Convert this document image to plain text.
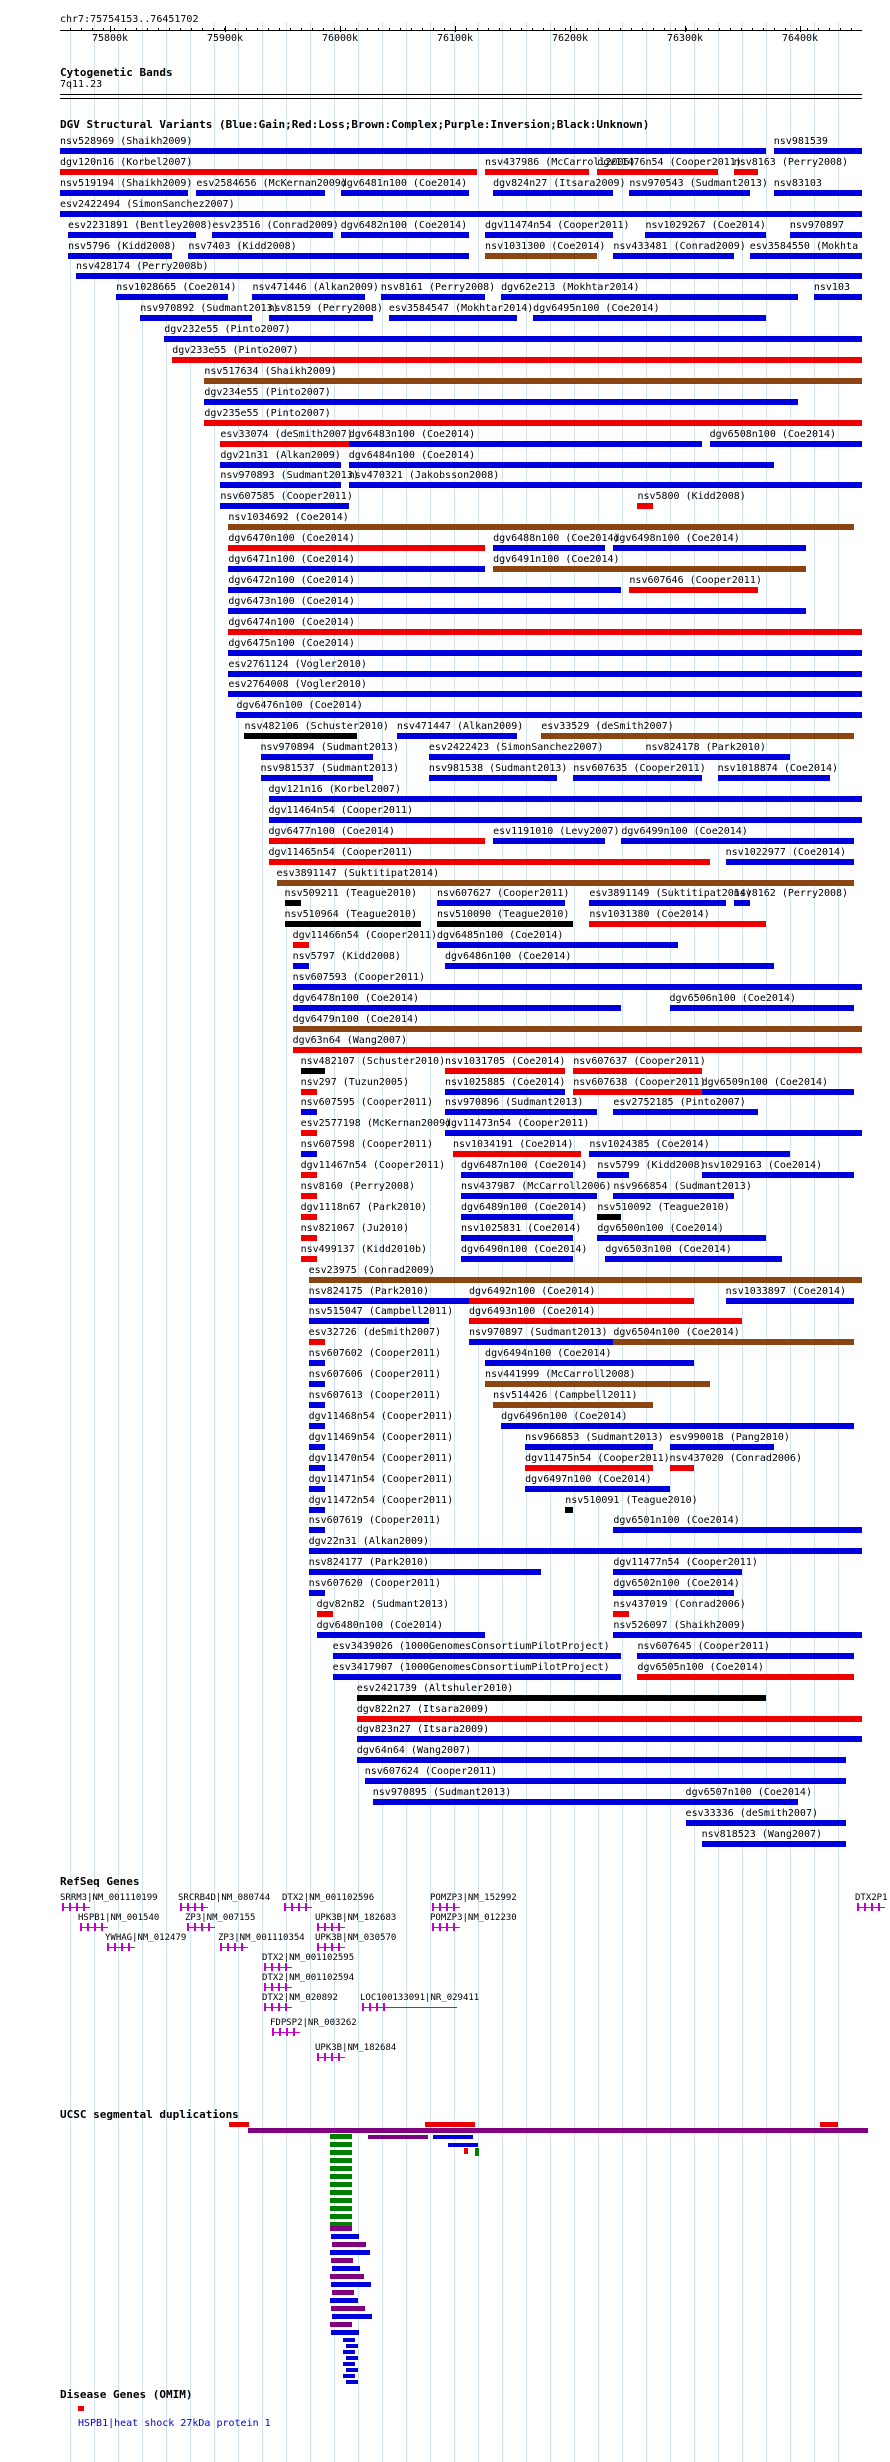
chr7:75754153..76451702
75800k	75900k	76000k	76100k	76200k	76300k	76400k
Cytogenetic Bands
7q11.23
DGV Structural Variants (Blue:Gain;Red:Loss;Brown:Complex;Purple:Inversion;Black:Unknown)
nsv528969 (Shaikh2009)	nsv981539
dgv120n16 (Korbel2007)	nsv437986 (McCarroll2006)
dgv11476n54 (Cooper2011)
nsv8163 (Perry2008)
nsv519194 (Shaikh2009) esv2584656 (McKernan2009)
dgv6481n100 (Coe2014)	dgv824n27 (Itsara2009) nsv970543 (Sudmant2013) nsv83103
esv2422494 (SimonSanchez2007)
esv2231891 (Bentley2008) esv23516 (Conrad2009) dgv6482n100 (Coe2014) dgv11474n54 (Cooper2011) nsv1029267 (Coe2014) nsv970897
nsv5796 (Kidd2008) nsv7403 (Kidd2008)	nsv1031300 (Coe2014) nsv433481 (Conrad2009) esv3584550 (Mokhta
nsv428174 (Perry2008b)
nsv1028665 (Coe2014) nsv471446 (Alkan2009) nsv8161 (Perry2008) dgv62e213 (Mokhtar2014)	nsv103
nsv970892 (Sudmant2013)
nsv8159 (Perry2008) esv3584547 (Mokhtar2014) dgv6495n100 (Coe2014)
dgv232e55 (Pinto2007)
dgv233e55 (Pinto2007)
nsv517634 (Shaikh2009)
dgv234e55 (Pinto2007)
dgv235e55 (Pinto2007)
esv33074 (deSmith2007)
dgv6483n100 (Coe2014)	dgv6508n100 (Coe2014)
dgv21n31 (Alkan2009) dgv6484n100 (Coe2014)
nsv970893 (Sudmant2013)
nsv470321 (Jakobsson2008)
nsv607585 (Cooper2011)	nsv5800 (Kidd2008)
nsv1034692 (Coe2014)
dgv6470n100 (Coe2014)	dgv6488n100 (Coe2014)
dgv6498n100 (Coe2014)
dgv6471n100 (Coe2014)	dgv6491n100 (Coe2014)
dgv6472n100 (Coe2014)	nsv607646 (Cooper2011)
dgv6473n100 (Coe2014)
dgv6474n100 (Coe2014)
dgv6475n100 (Coe2014)
esv2761124 (Vogler2010)
esv2764008 (Vogler2010)
dgv6476n100 (Coe2014)
nsv482106 (Schuster2010) nsv471447 (Alkan2009) esv33529 (deSmith2007)
nsv970894 (Sudmant2013)	esv2422423 (SimonSanchez2007)	nsv824178 (Park2010)
nsv981537 (Sudmant2013)	nsv981538 (Sudmant2013) nsv607635 (Cooper2011) nsv1018874 (Coe2014)
dgv121n16 (Korbel2007)
dgv11464n54 (Cooper2011)
dgv6477n100 (Coe2014)	esv1191010 (Levy2007) dgv6499n100 (Coe2014)
dgv11465n54 (Cooper2011)	nsv1022977 (Coe2014)
esv3891147 (Suktitipat2014)
nsv509211 (Teague2010) nsv607627 (Cooper2011) esv3891149 (Suktitipat2014)
nsv8162 (Perry2008)
nsv510964 (Teague2010) nsv510090 (Teague2010) nsv1031380 (Coe2014)
dgv11466n54 (Cooper2011) dgv6485n100 (Coe2014)
nsv5797 (Kidd2008)	dgv6486n100 (Coe2014)
nsv607593 (Cooper2011)
dgv6478n100 (Coe2014)	dgv6506n100 (Coe2014)
dgv6479n100 (Coe2014)
dgv63n64 (Wang2007)
nsv482107 (Schuster2010) nsv1031705 (Coe2014) nsv607637 (Cooper2011)
nsv297 (Tuzun2005)	nsv1025885 (Coe2014) nsv607638 (Cooper2011)
dgv6509n100 (Coe2014)
nsv607595 (Cooper2011) nsv970896 (Sudmant2013)	esv2752185 (Pinto2007)
esv2577198 (McKernan2009)
dgv11473n54 (Cooper2011)
nsv607598 (Cooper2011) nsv1034191 (Coe2014) nsv1024385 (Coe2014)
dgv11467n54 (Cooper2011) dgv6487n100 (Coe2014) nsv5799 (Kidd2008)
nsv1029163 (Coe2014)
nsv8160 (Perry2008)	nsv437987 (McCarroll2006) nsv966854 (Sudmant2013)
dgv1118n67 (Park2010)	dgv6489n100 (Coe2014) nsv510092 (Teague2010)
nsv821067 (Ju2010)	nsv1025831 (Coe2014) dgv6500n100 (Coe2014)
nsv499137 (Kidd2010b)	dgv6490n100 (Coe2014) dgv6503n100 (Coe2014)
esv23975 (Conrad2009)
nsv824175 (Park2010)	dgv6492n100 (Coe2014)	nsv1033897 (Coe2014)
nsv515047 (Campbell2011) dgv6493n100 (Coe2014)
esv32726 (deSmith2007)	nsv970897 (Sudmant2013) dgv6504n100 (Coe2014)
nsv607602 (Cooper2011)	dgv6494n100 (Coe2014)
nsv607606 (Cooper2011)	nsv441999 (McCarroll2008)
nsv607613 (Cooper2011)	nsv514426 (Campbell2011)
dgv11468n54 (Cooper2011)	dgv6496n100 (Coe2014)
dgv11469n54 (Cooper2011)	nsv966853 (Sudmant2013) esv990018 (Pang2010)
dgv11470n54 (Cooper2011)	dgv11475n54 (Cooper2011) nsv437020 (Conrad2006)
dgv11471n54 (Cooper2011)	dgv6497n100 (Coe2014)
dgv11472n54 (Cooper2011)	nsv510091 (Teague2010)
nsv607619 (Cooper2011)	dgv6501n100 (Coe2014)
dgv22n31 (Alkan2009)
nsv824177 (Park2010)	dgv11477n54 (Cooper2011)
nsv607620 (Cooper2011)	dgv6502n100 (Coe2014)
dgv82n82 (Sudmant2013)	nsv437019 (Conrad2006)
dgv6480n100 (Coe2014)	nsv526097 (Shaikh2009)
esv3439026 (1000GenomesConsortiumPilotProject)	nsv607645 (Cooper2011)
esv3417907 (1000GenomesConsortiumPilotProject)	dgv6505n100 (Coe2014)
esv2421739 (Altshuler2010)
dgv822n27 (Itsara2009)
dgv823n27 (Itsara2009)
dgv64n64 (Wang2007)
nsv607624 (Cooper2011)
nsv970895 (Sudmant2013)	dgv6507n100 (Coe2014)
esv33336 (deSmith2007)
nsv818523 (Wang2007)
RefSeq Genes
SRRM3|NM_001110199 SRCRB4D|NM_080744 DTX2|NM_001102596	POMZP3|NM_152992	DTX2P1
HSPB1|NM_001540	ZP3|NM_007155	UPK3B|NM_182683	POMZP3|NM_012230
YWHAG|NM_012479	ZP3|NM_001110354 UPK3B|NM_030570
DTX2|NM_001102595
DTX2|NM_001102594
DTX2|NM_020892 LOC100133091|NR_029411
FDPSP2|NR_003262
UPK3B|NM_182684
UCSC segmental duplications
Disease Genes (OMIM)
HSPB1|heat shock 27kDa protein 1
